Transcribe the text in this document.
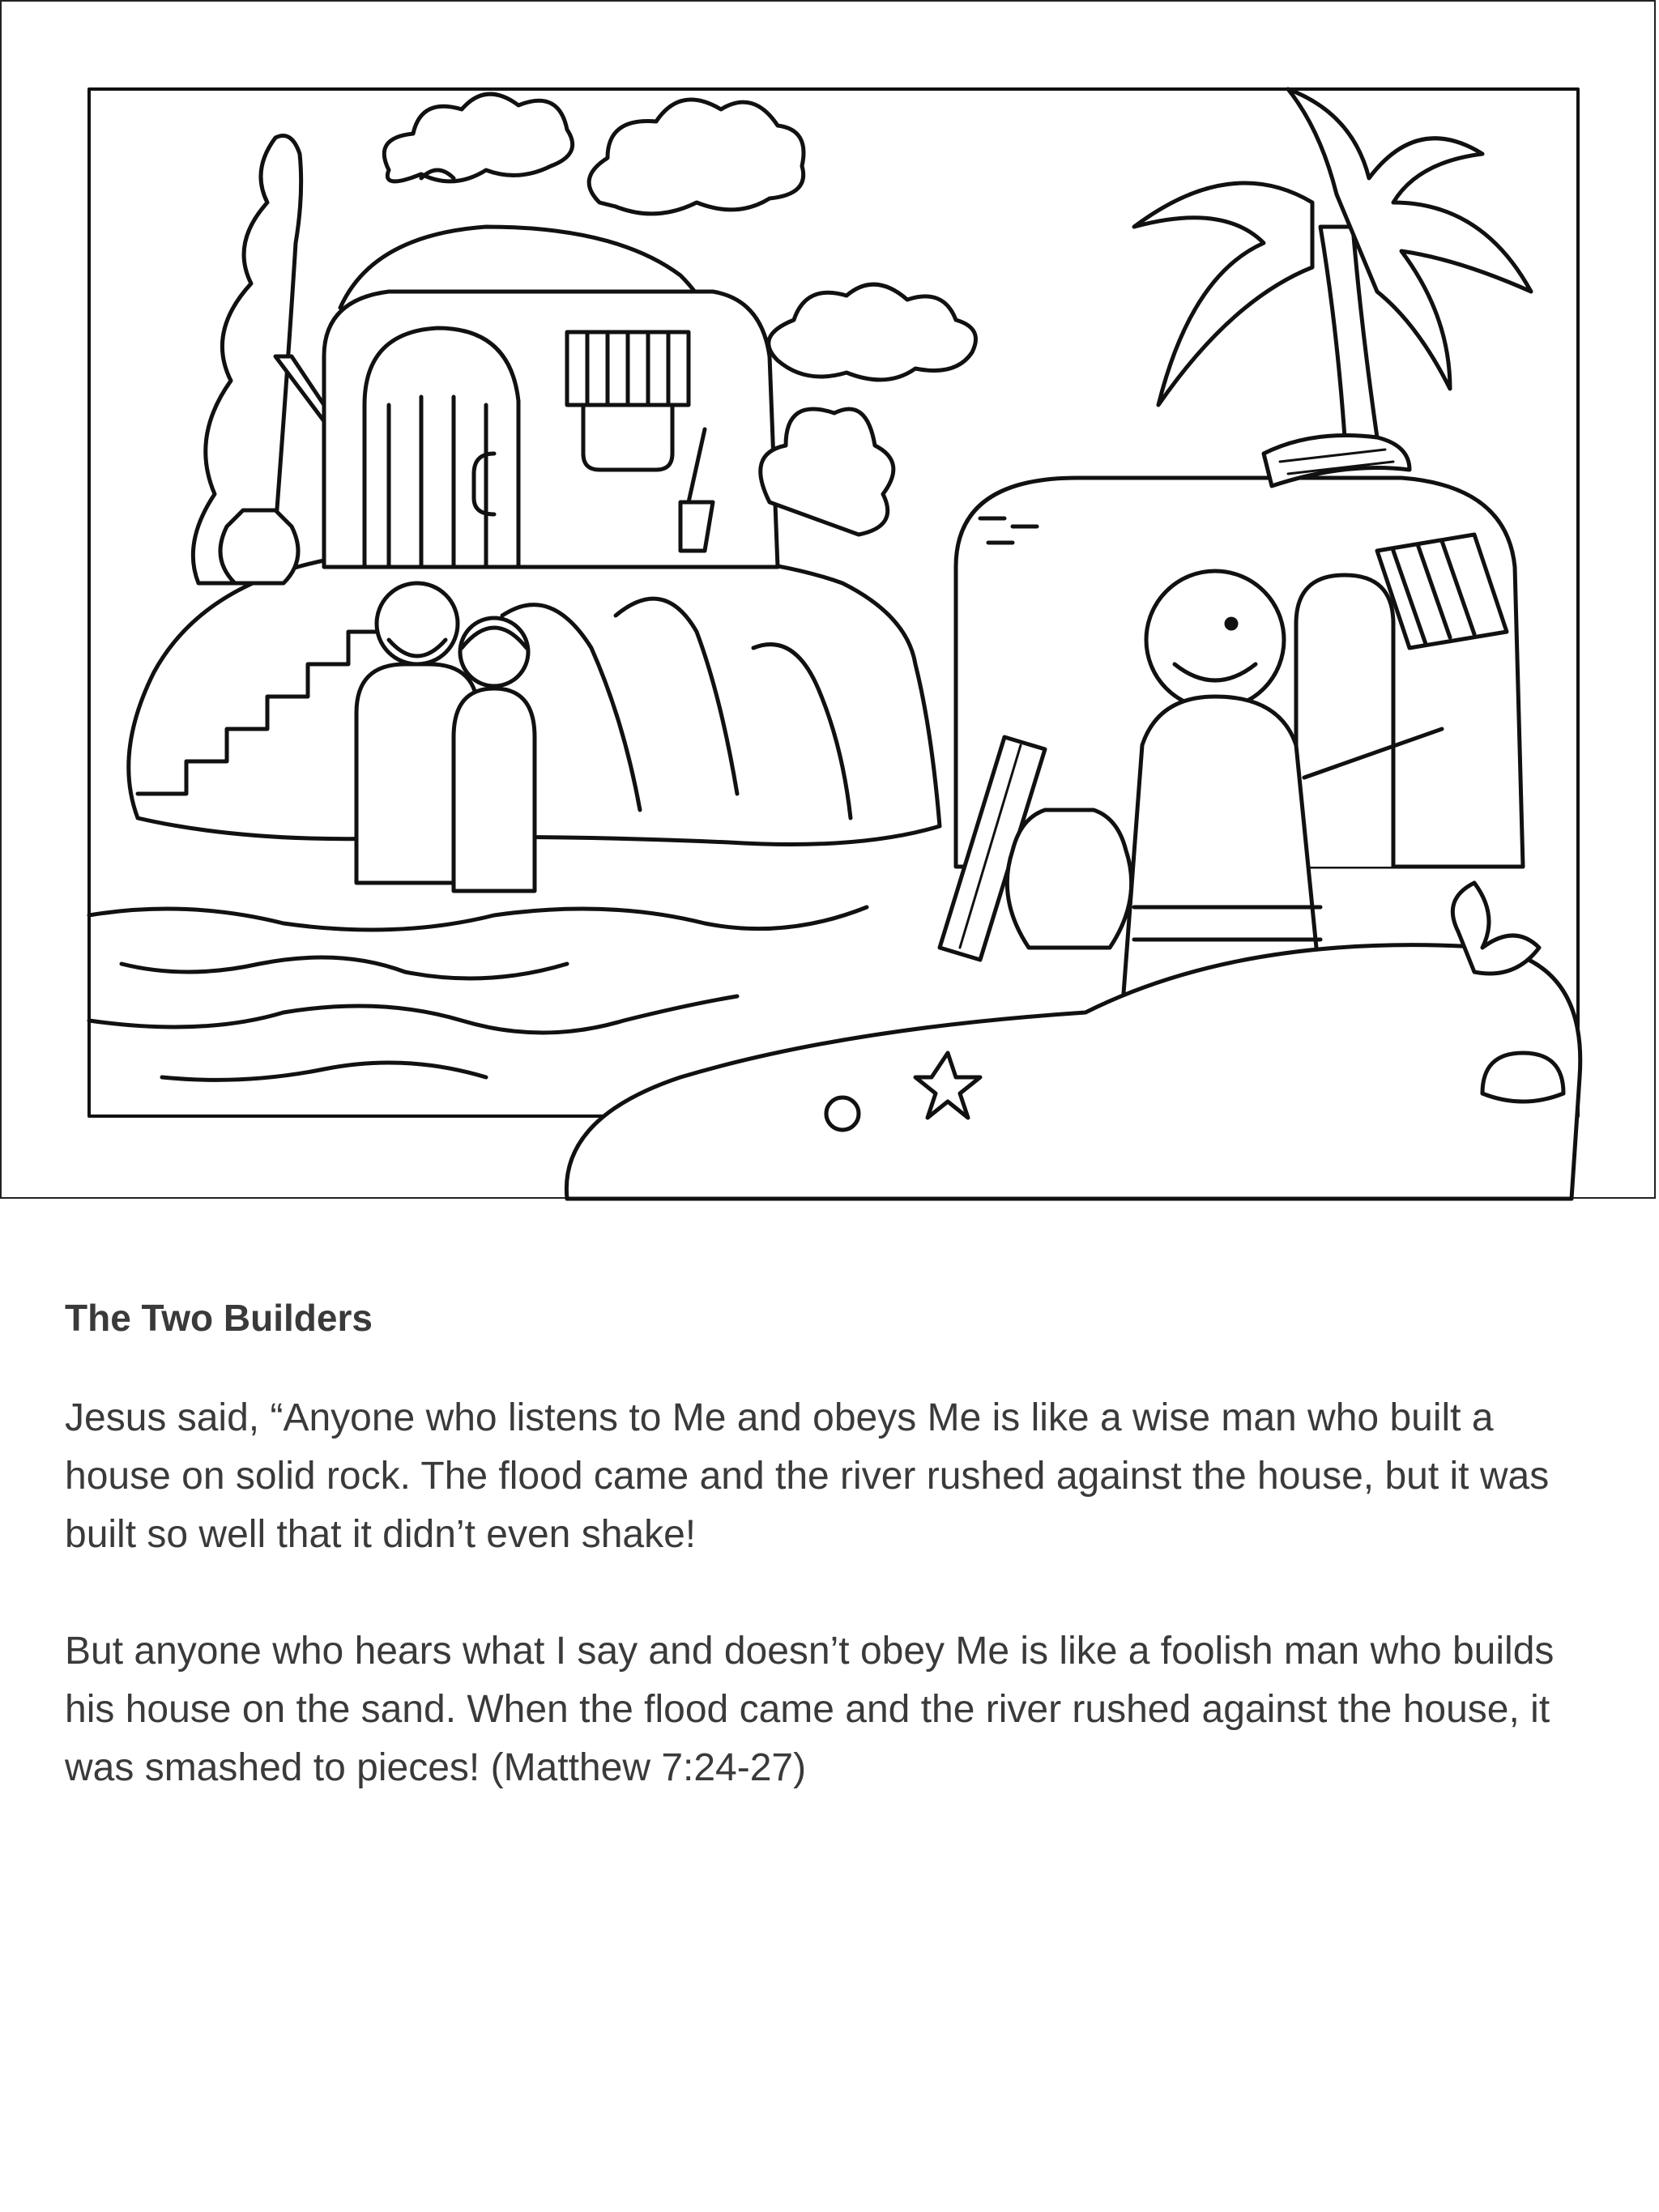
The Two Builders

Jesus said, “Anyone who listens to Me and obeys Me is like a wise man who built a house on solid rock. The flood came and the river rushed against the house, but it was built so well that it didn’t even shake!

But anyone who hears what I say and doesn’t obey Me is like a foolish man who builds his house on the sand. When the flood came and the river rushed against the house, it was smashed to pieces! (Matthew 7:24-27)
